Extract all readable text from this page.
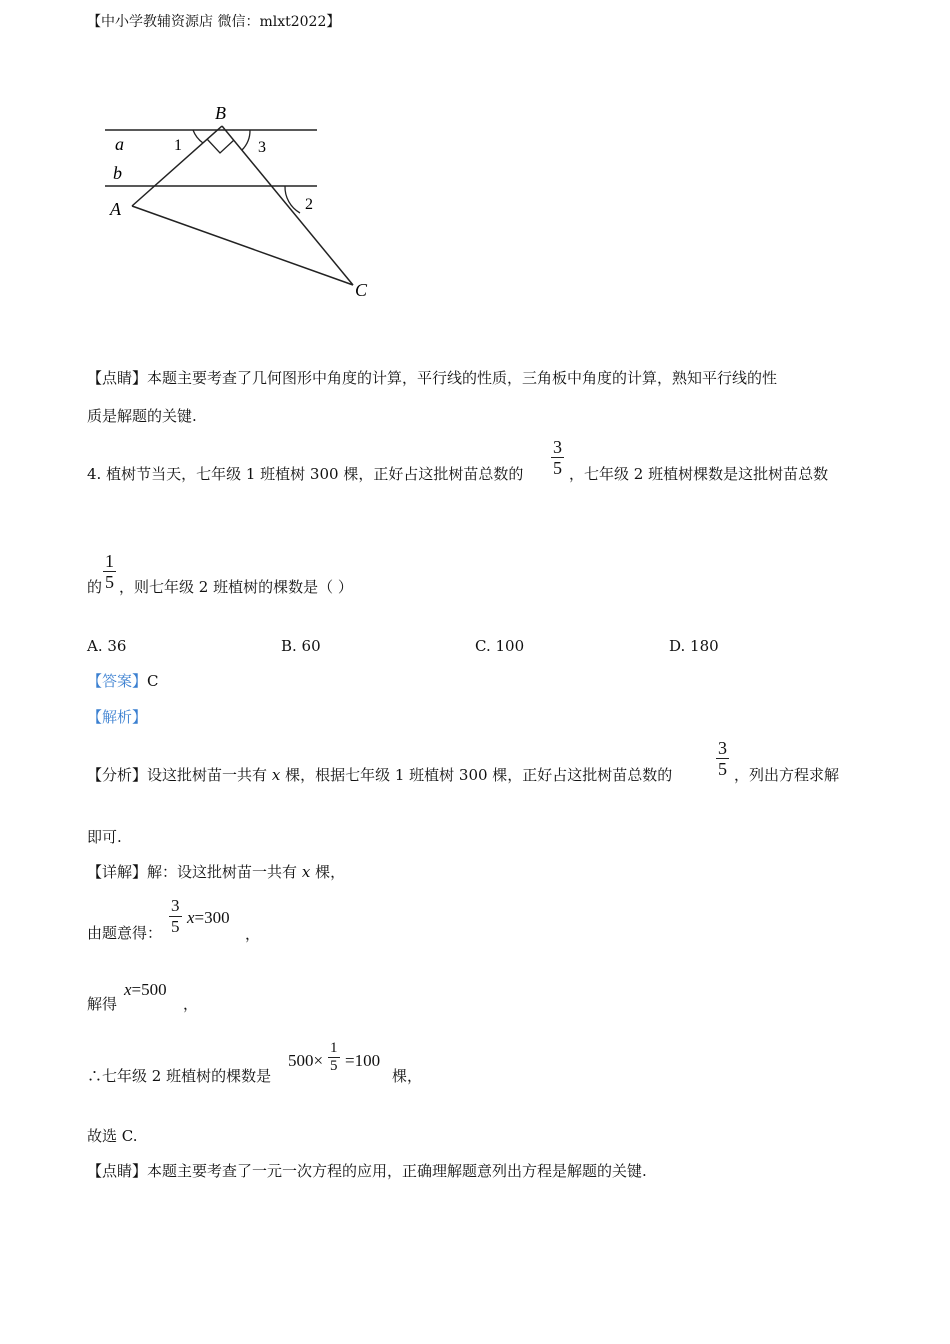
【中小学教辅资源店 微信：mlxt2022】
B
a
b
A
C
1	3
2
【点睛】本题主要考查了几何图形中角度的计算，平行线的性质，三角板中角度的计算，熟知平行线的性
质是解题的关键.
4. 植树节当天，七年级 1 班植树 300 棵，正好占这批树苗总数的
3
5 ，七年级 2 班植树棵数是这批树苗总数
的
1
5 ，则七年级 2 班植树的棵数是（ ）
A. 36	B. 60	C. 100	D. 180
【答案】C
【解析】
【分析】设这批树苗一共有 x 棵，根据七年级 1 班植树 300 棵，正好占这批树苗总数的
3
5 ，列出方程求解
即可.
【详解】解：设这批树苗一共有 x 棵，
由题意得： $\frac{3}{5} x=300$
，
解得
x=500
，
∴七年级 2 班植树的棵数是
$500\times \frac{1}{5} =100$
棵，
故选 C.
【点睛】本题主要考查了一元一次方程的应用，正确理解题意列出方程是解题的关键.
